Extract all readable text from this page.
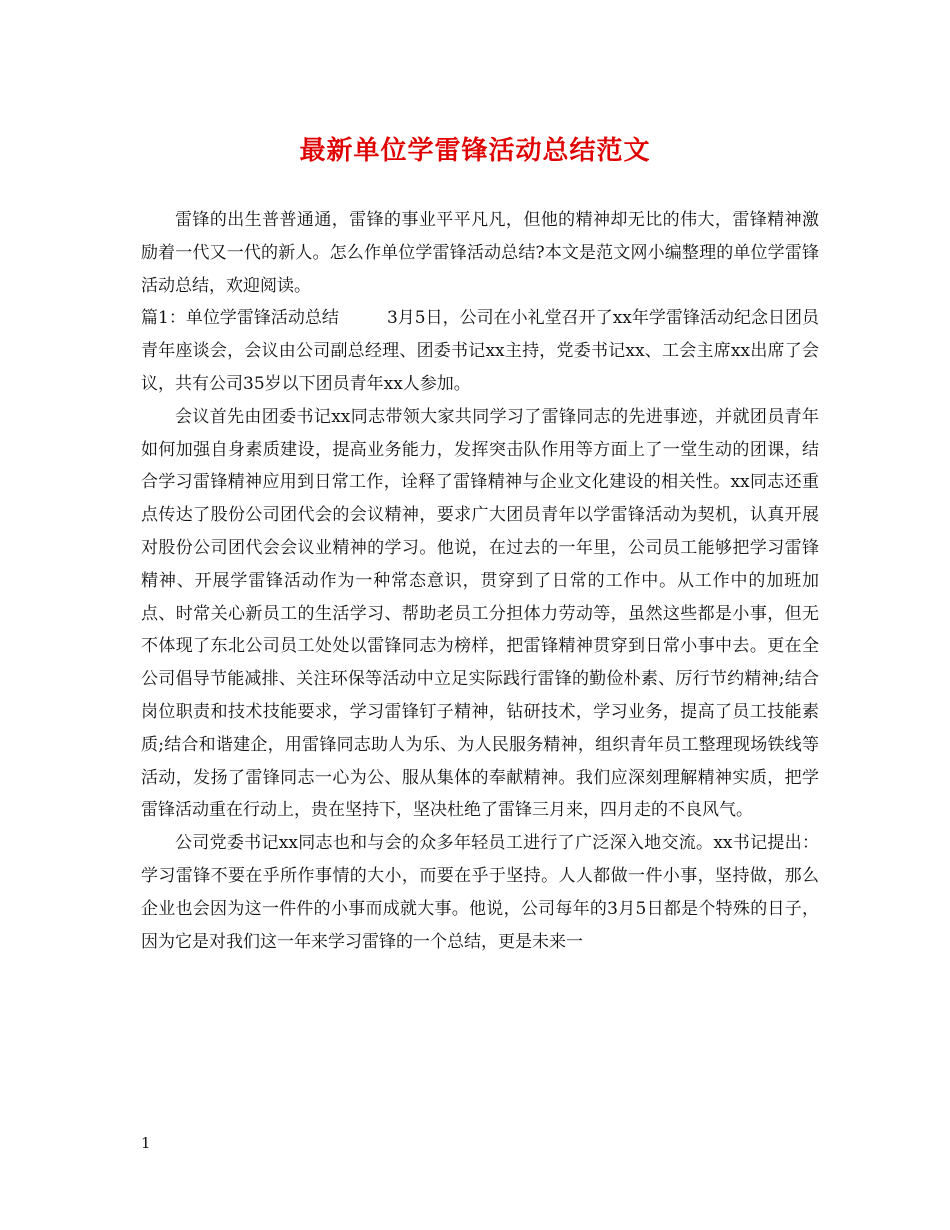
最新单位学雷锋活动总结范文

雷锋的出生普普通通，雷锋的事业平平凡凡，但他的精神却无比的伟大，雷锋精神激励着一代又一代的新人。怎么作单位学雷锋活动总结?本文是范文网小编整理的单位学雷锋活动总结，欢迎阅读。

篇1：单位学雷锋活动总结	3月5日，公司在小礼堂召开了xx年学雷锋活动纪念日团员青年座谈会，会议由公司副总经理、团委书记xx主持，党委书记xx、工会主席xx出席了会议，共有公司35岁以下团员青年xx人参加。

会议首先由团委书记xx同志带领大家共同学习了雷锋同志的先进事迹，并就团员青年如何加强自身素质建设，提高业务能力，发挥突击队作用等方面上了一堂生动的团课，结合学习雷锋精神应用到日常工作，诠释了雷锋精神与企业文化建设的相关性。xx同志还重点传达了股份公司团代会的会议精神，要求广大团员青年以学雷锋活动为契机，认真开展对股份公司团代会会议业精神的学习。他说，在过去的一年里，公司员工能够把学习雷锋精神、开展学雷锋活动作为一种常态意识，贯穿到了日常的工作中。从工作中的加班加点、时常关心新员工的生活学习、帮助老员工分担体力劳动等，虽然这些都是小事，但无不体现了东北公司员工处处以雷锋同志为榜样，把雷锋精神贯穿到日常小事中去。更在全公司倡导节能减排、关注环保等活动中立足实际践行雷锋的勤俭朴素、厉行节约精神;结合岗位职责和技术技能要求，学习雷锋钉子精神，钻研技术，学习业务，提高了员工技能素质;结合和谐建企，用雷锋同志助人为乐、为人民服务精神，组织青年员工整理现场铁线等活动，发扬了雷锋同志一心为公、服从集体的奉献精神。我们应深刻理解精神实质，把学雷锋活动重在行动上，贵在坚持下，坚决杜绝了雷锋三月来，四月走的不良风气。

公司党委书记xx同志也和与会的众多年轻员工进行了广泛深入地交流。xx书记提出：学习雷锋不要在乎所作事情的大小，而要在乎于坚持。人人都做一件小事，坚持做，那么企业也会因为这一件件的小事而成就大事。他说，公司每年的3月5日都是个特殊的日子，因为它是对我们这一年来学习雷锋的一个总结，更是未来一

1
